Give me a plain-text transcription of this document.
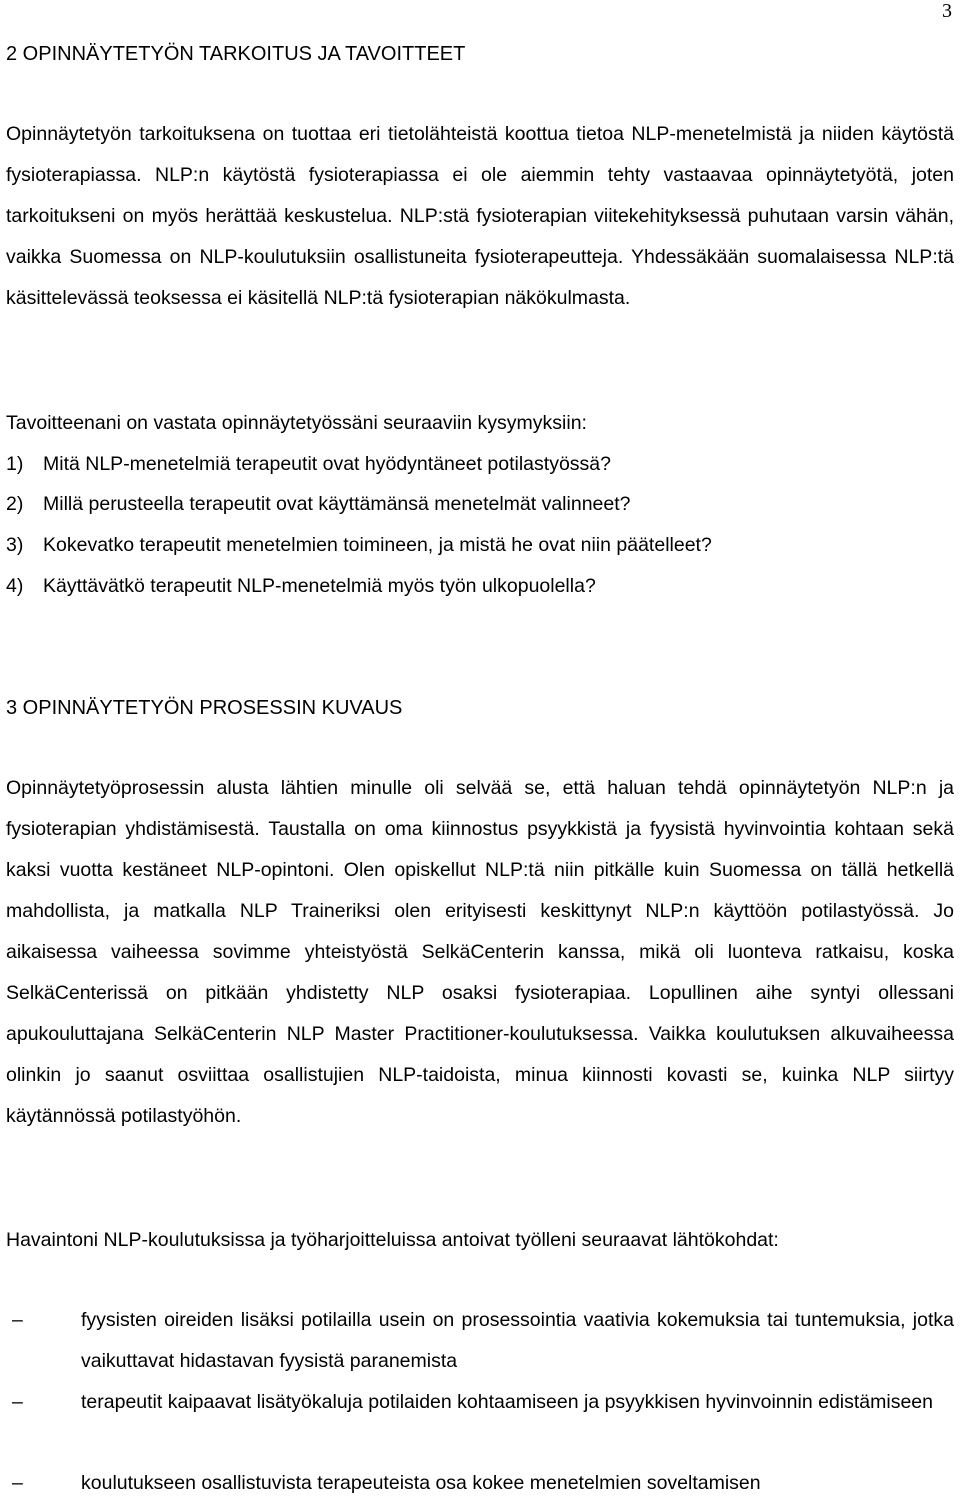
3
2 OPINNÄYTETYÖN TARKOITUS JA TAVOITTEET

Opinnäytetyön tarkoituksena on tuottaa eri tietolähteistä koottua tietoa NLP-menetelmistä ja niiden käytöstä fysioterapiassa. NLP:n käytöstä fysioterapiassa ei ole aiemmin tehty vastaavaa opinnäytetyötä, joten tarkoitukseni on myös herättää keskustelua. NLP:stä fysioterapian viitekehityksessä puhutaan varsin vähän, vaikka Suomessa on NLP-koulutuksiin osallistuneita fysioterapeutteja. Yhdessäkään suomalaisessa NLP:tä käsittelevässä teoksessa ei käsitellä NLP:tä fysioterapian näkökulmasta.

Tavoitteenani on vastata opinnäytetyössäni seuraaviin kysymyksiin:
1) Mitä NLP-menetelmiä terapeutit ovat hyödyntäneet potilastyössä?
2) Millä perusteella terapeutit ovat käyttämänsä menetelmät valinneet?
3) Kokevatko terapeutit menetelmien toimineen, ja mistä he ovat niin päätelleet?
4) Käyttävätkö terapeutit NLP-menetelmiä myös työn ulkopuolella?
3 OPINNÄYTETYÖN PROSESSIN KUVAUS

Opinnäytetyöprosessin alusta lähtien minulle oli selvää se, että haluan tehdä opinnäytetyön NLP:n ja fysioterapian yhdistämisestä. Taustalla on oma kiinnostus psyykkistä ja fyysistä hyvinvointia kohtaan sekä kaksi vuotta kestäneet NLP-opintoni. Olen opiskellut NLP:tä niin pitkälle kuin Suomessa on tällä hetkellä mahdollista, ja matkalla NLP Traineriksi olen erityisesti keskittynyt NLP:n käyttöön potilastyössä. Jo aikaisessa vaiheessa sovimme yhteistyöstä SelkäCenterin kanssa, mikä oli luonteva ratkaisu, koska SelkäCenterissä on pitkään yhdistetty NLP osaksi fysioterapiaa. Lopullinen aihe syntyi ollessani apukouluttajana SelkäCenterin NLP Master Practitioner-koulutuksessa. Vaikka koulutuksen alkuvaiheessa olinkin jo saanut osviittaa osallistujien NLP-taidoista, minua kiinnosti kovasti se, kuinka NLP siirtyy käytännössä potilastyöhön.

Havaintoni NLP-koulutuksissa ja työharjoitteluissa antoivat työlleni seuraavat lähtökohdat:
–	fyysisten oireiden lisäksi potilailla usein on prosessointia vaativia kokemuksia tai tuntemuksia, jotka vaikuttavat hidastavan fyysistä paranemista
–	terapeutit kaipaavat lisätyökaluja potilaiden kohtaamiseen ja psyykkisen hyvinvoinnin edistämiseen
–	koulutukseen osallistuvista terapeuteista osa kokee menetelmien soveltamisen
